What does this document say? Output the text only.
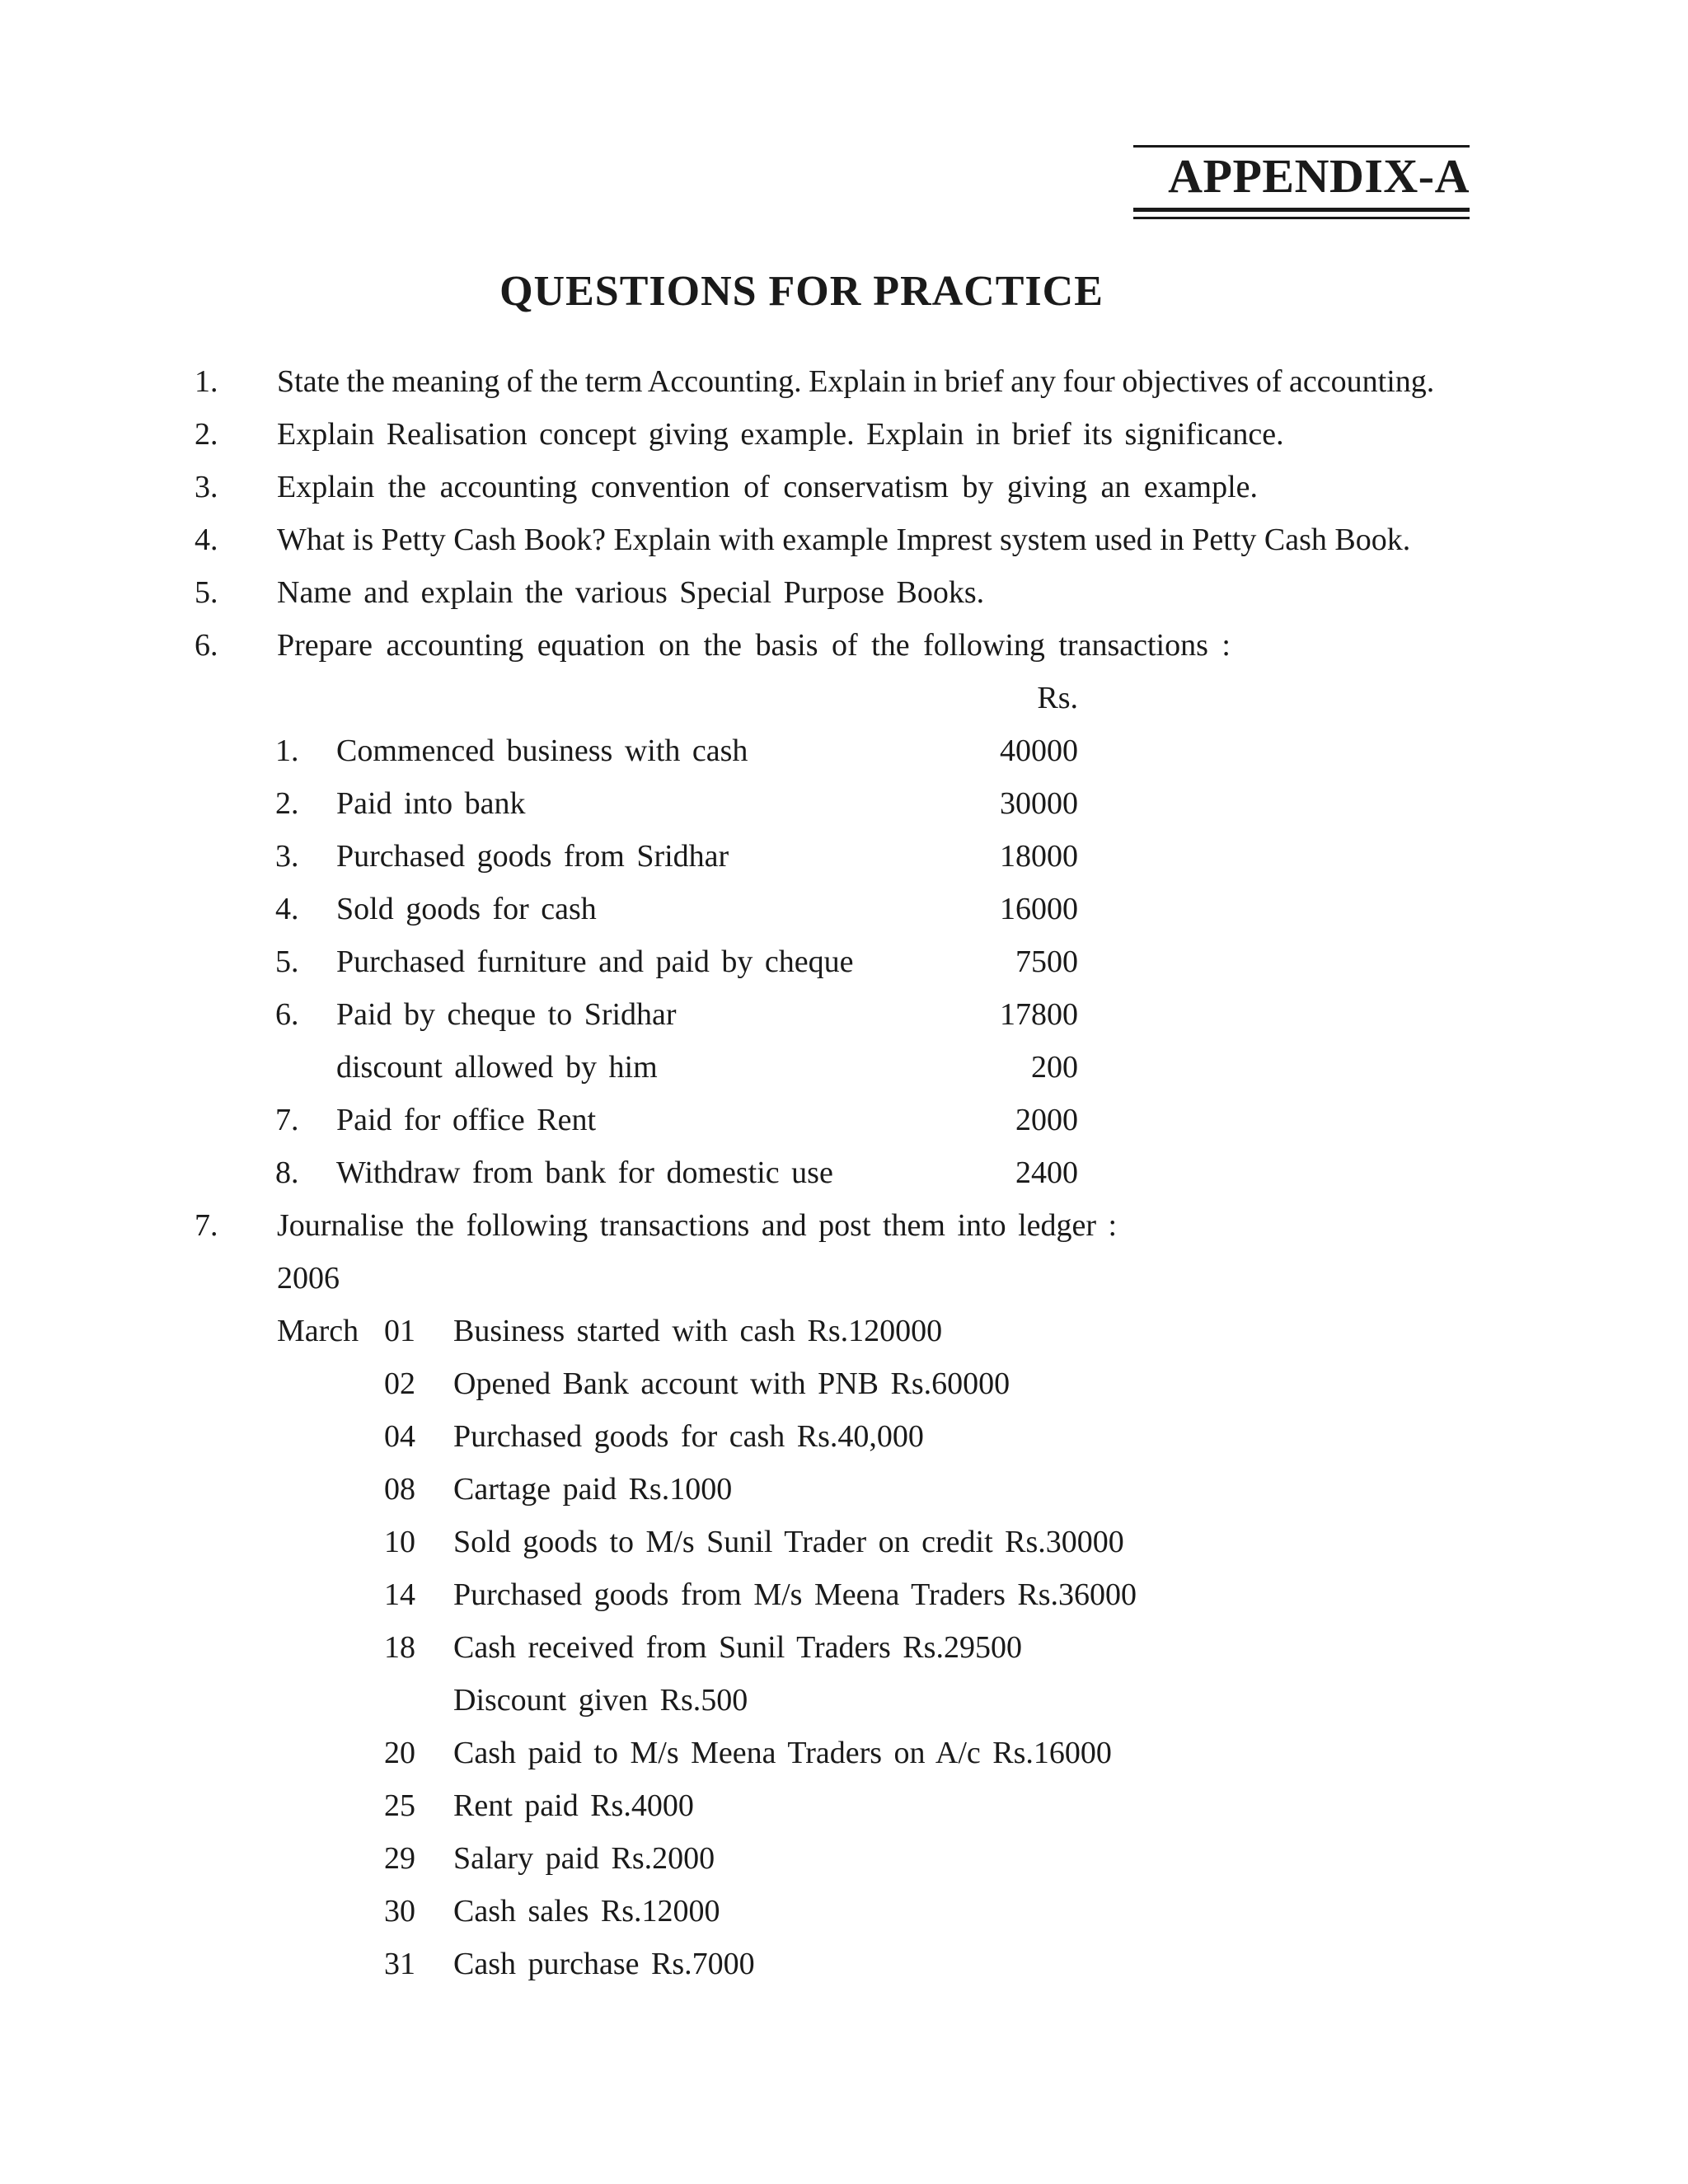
APPENDIX-A
QUESTIONS FOR PRACTICE
1. State the meaning of the term Accounting. Explain in brief any four objectives of accounting.
2. Explain Realisation concept giving example. Explain in brief its significance.
3. Explain the accounting convention of conservatism by giving an example.
4. What is Petty Cash Book? Explain with example Imprest system used in Petty Cash Book.
5. Name and explain the various Special Purpose Books.
6. Prepare accounting equation on the basis of the following transactions :
Rs.
1. Commenced business with cash	40000
2. Paid into bank	30000
3. Purchased goods from Sridhar	18000
4. Sold goods for cash	16000
5. Purchased furniture and paid by cheque	7500
6. Paid by cheque to Sridhar	17800
discount allowed by him	200
7. Paid for office Rent	2000
8. Withdraw from bank for domestic use	2400
7. Journalise the following transactions and post them into ledger :
2006
March 01 Business started with cash Rs.120000
02 Opened Bank account with PNB Rs.60000
04 Purchased goods for cash Rs.40,000
08 Cartage paid Rs.1000
10 Sold goods to M/s Sunil Trader on credit Rs.30000
14 Purchased goods from M/s Meena Traders Rs.36000
18 Cash received from Sunil Traders Rs.29500
Discount given Rs.500
20 Cash paid to M/s Meena Traders on A/c Rs.16000
25 Rent paid Rs.4000
29 Salary paid Rs.2000
30 Cash sales Rs.12000
31 Cash purchase Rs.7000
